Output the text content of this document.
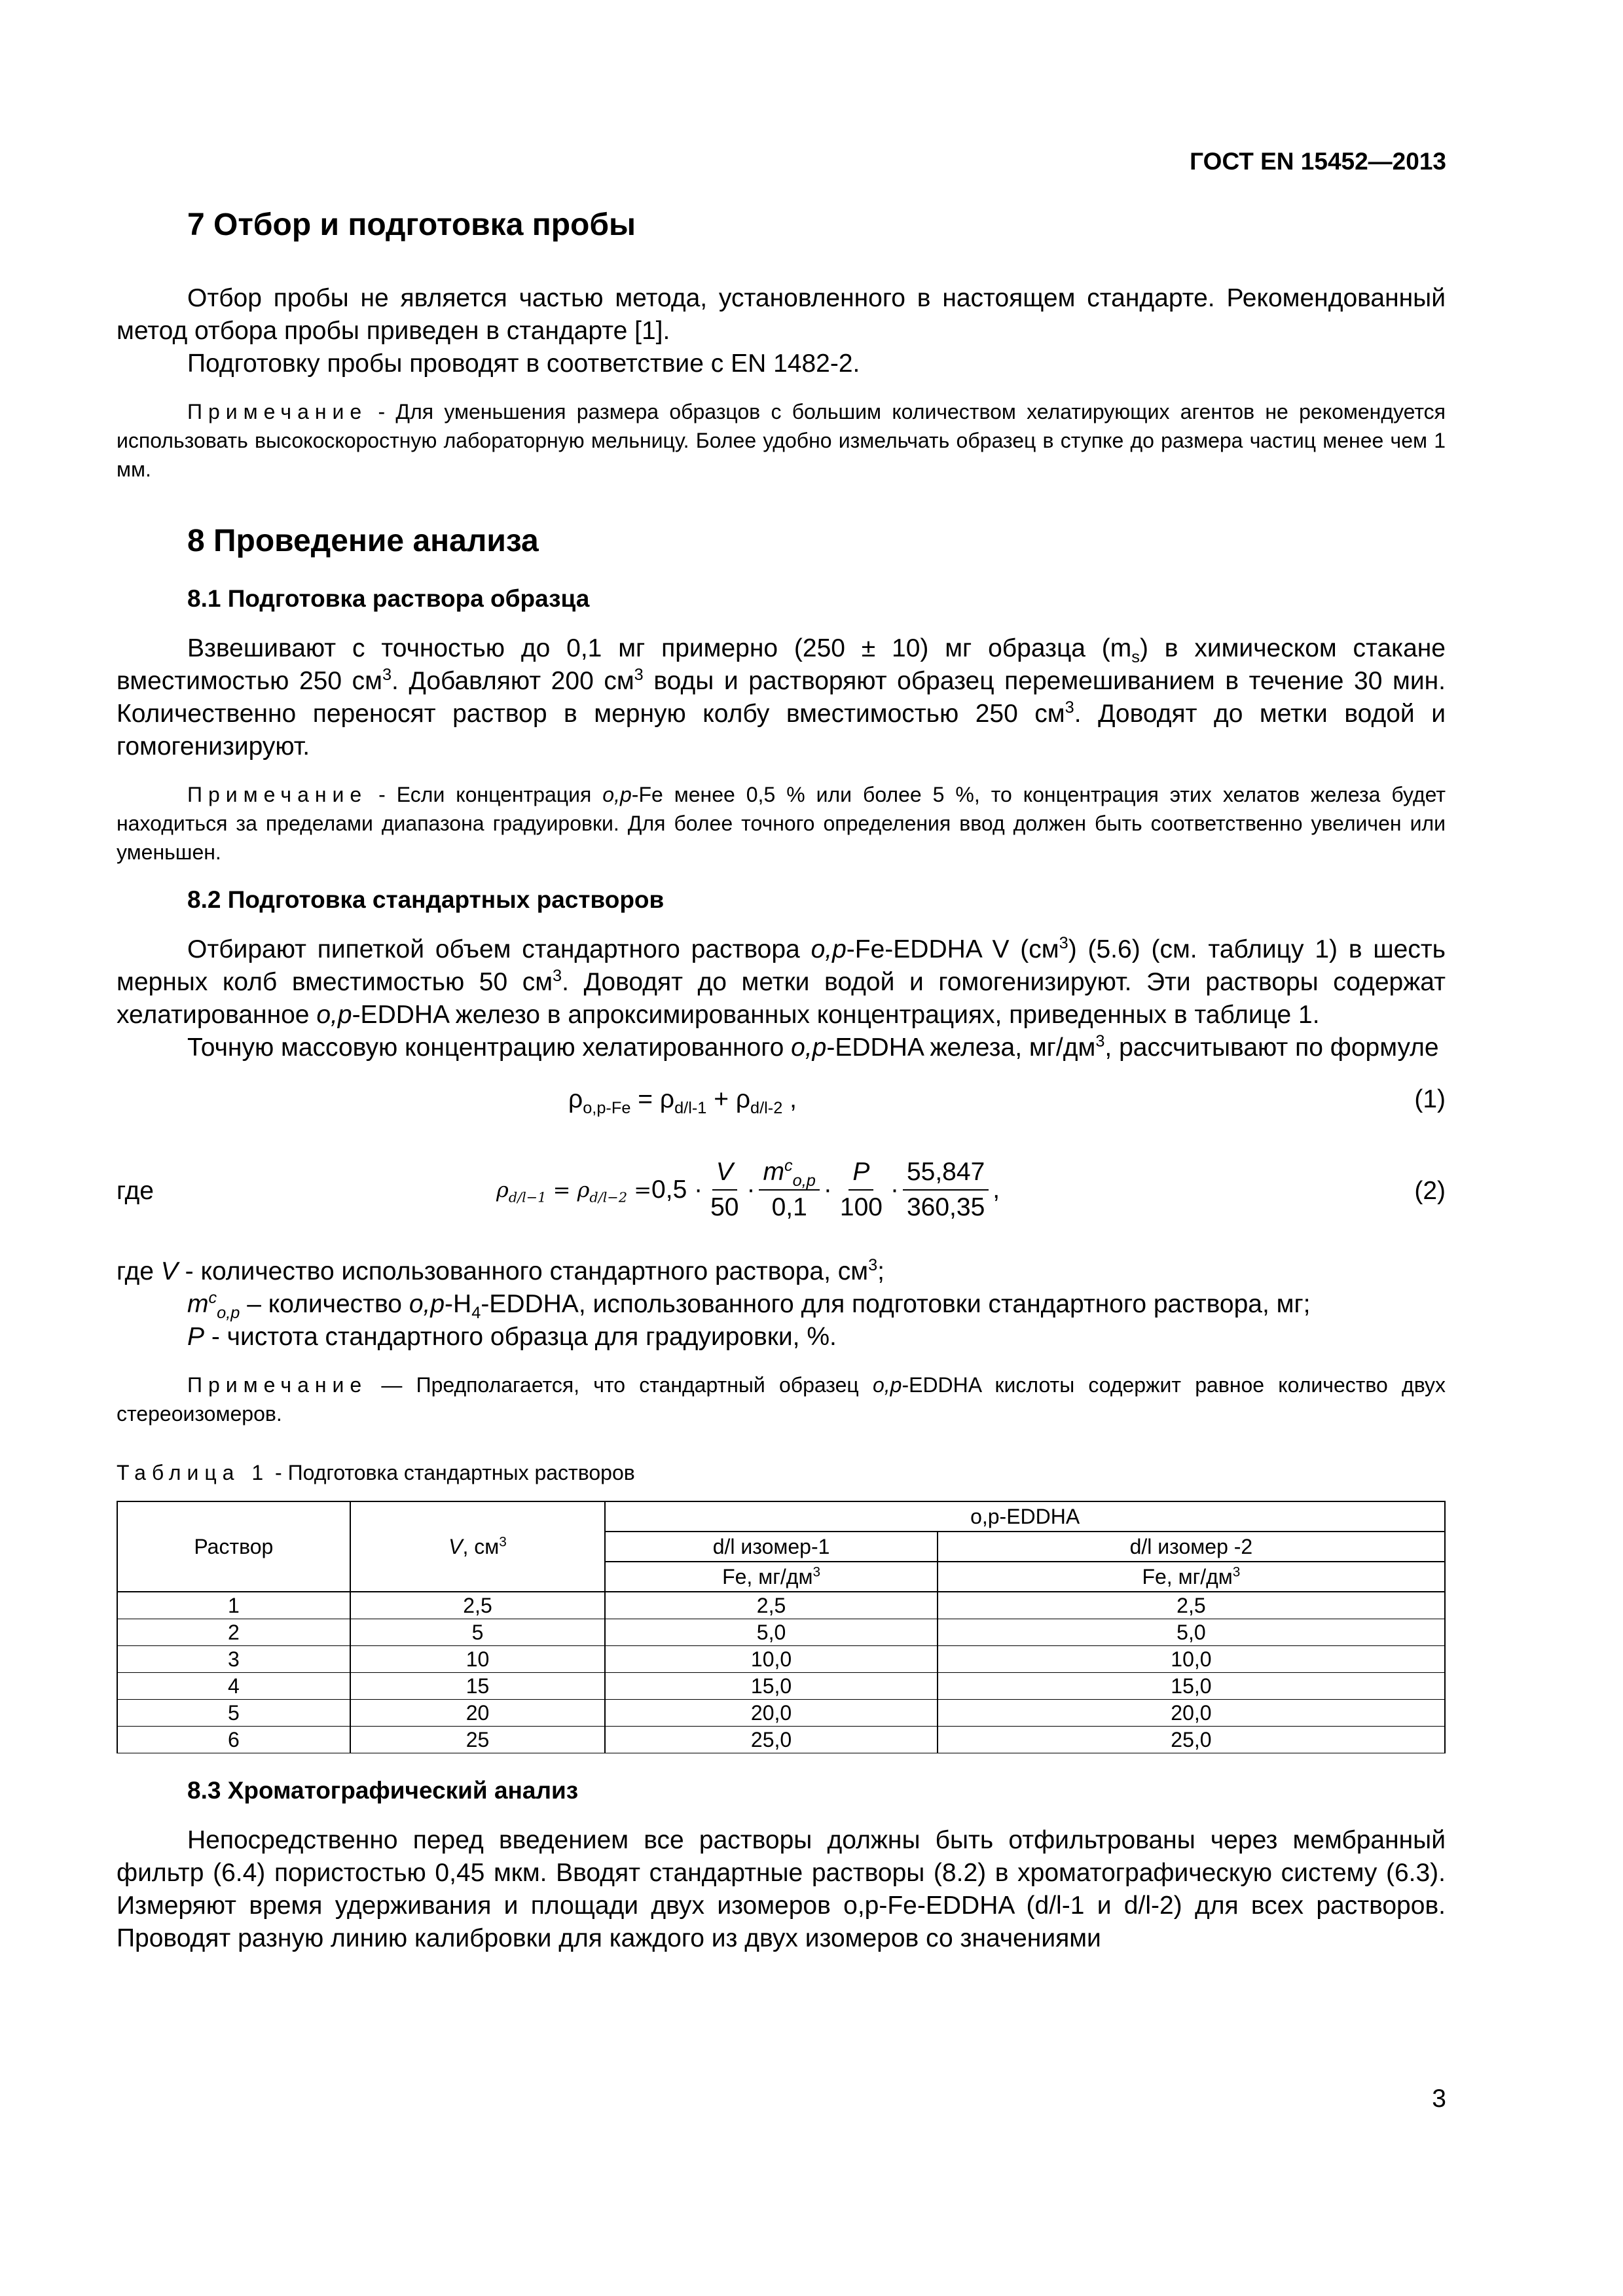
ГОСТ EN 15452—2013
7 Отбор и подготовка пробы

Отбор пробы не является частью метода, установленного в настоящем стандарте. Рекомендованный метод отбора пробы приведен в стандарте [1].

Подготовку пробы проводят в соответствие с EN 1482-2.

Примечание - Для уменьшения размера образцов с большим количеством хелатирующих агентов не рекомендуется использовать высокоскоростную лабораторную мельницу. Более удобно измельчать образец в ступке до размера частиц менее чем 1 мм.

8 Проведение анализа
8.1 Подготовка раствора образца

Взвешивают с точностью до 0,1 мг примерно (250 ± 10) мг образца $(m_s)$ в химическом стакане вместимостью 250 $см^3$. Добавляют 200 $см^3$ воды и растворяют образец перемешиванием в течение 30 мин. Количественно переносят раствор в мерную колбу вместимостью 250 $см^3$. Доводят до метки водой и гомогенизируют.

Примечание - Если концентрация o,p-Fe менее 0,5 % или более 5 %, то концентрация этих хелатов железа будет находиться за пределами диапазона градуировки. Для более точного определения ввод должен быть соответственно увеличен или уменьшен.

8.2 Подготовка стандартных растворов

Отбирают пипеткой объем стандартного раствора o,p-Fe-EDDHA V $(см^3)$ (5.6) (см. таблицу 1) в шесть мерных колб вместимостью 50 $см^3$. Доводят до метки водой и гомогенизируют. Эти растворы содержат хелатированное o,p-EDDHA железо в апроксимированных концентрациях, приведенных в таблице 1.

Точную массовую концентрацию хелатированного o,p-EDDHA железа, $мг/дм^3$, рассчитывают по формуле

$\rho_{o,p-Fe} = \rho_{d/l-1} + \rho_{d/l-2}$ ,	(1)
где	$\rho_{d/l-1} = \rho_{d/l-2} = 0,5 \cdot \frac{V}{50} \cdot \frac{m^c_{o,p}}{0,1} \cdot \frac{P}{100} \cdot \frac{55,847}{360,35}$ ,	(2)
где V - количество использованного стандартного раствора, $см^3$;
$m^c_{o,p}$ – количество $o,p-H_4$-EDDHA, использованного для подготовки стандартного раствора, мг;
P - чистота стандартного образца для градуировки, %.

Примечание — Предполагается, что стандартный образец o,p-EDDHA кислоты содержит равное количество двух стереоизомеров.

Таблица 1 - Подготовка стандартных растворов
Раствор	V, $см^3$	o,p-EDDHA	
		d/l изомер-1	d/l изомер -2
		Fe, $мг/дм^3$	Fe, $мг/дм^3$
1	2,5	2,5	2,5
2	5	5,0	5,0
3	10	10,0	10,0
4	15	15,0	15,0
5	20	20,0	20,0
6	25	25,0	25,0
8.3 Хроматографический анализ

Непосредственно перед введением все растворы должны быть отфильтрованы через мембранный фильтр (6.4) пористостью 0,45 мкм. Вводят стандартные растворы (8.2) в хроматографическую систему (6.3). Измеряют время удерживания и площади двух изомеров o,p-Fe-EDDHA (d/l-1 и d/l-2) для всех растворов. Проводят разную линию калибровки для каждого из двух изомеров со значениями

3
